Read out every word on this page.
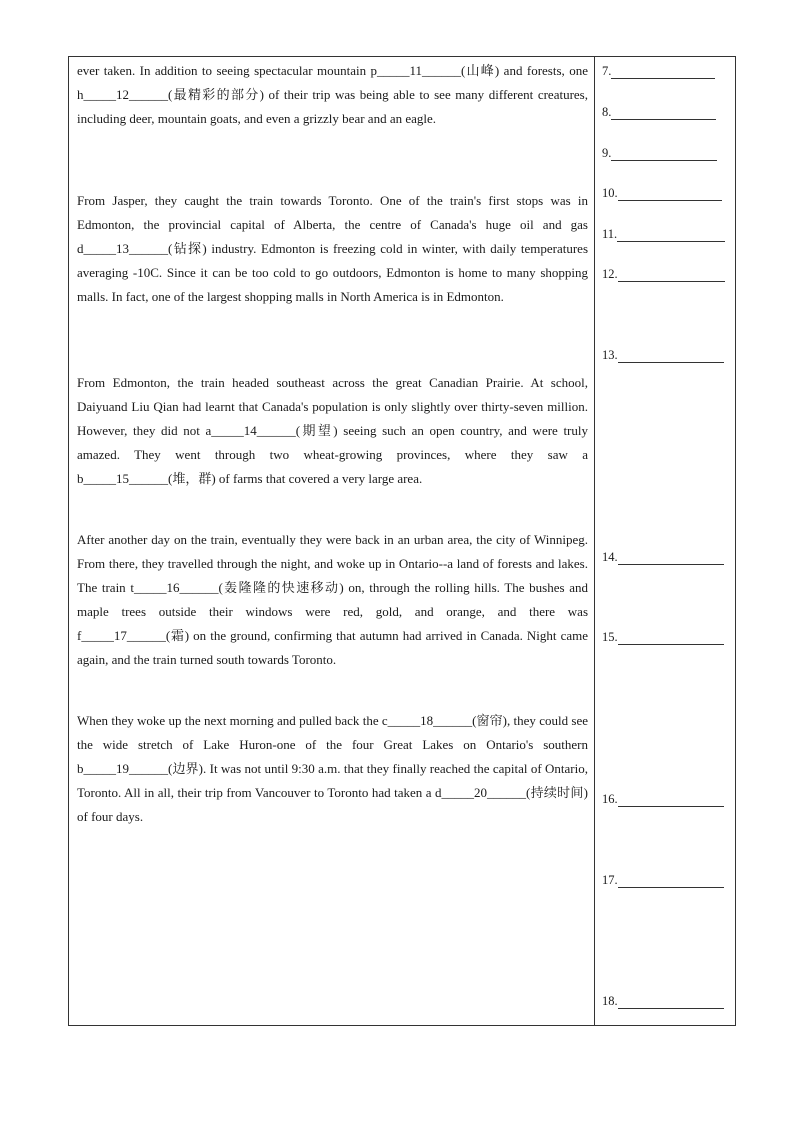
ever taken. In addition to seeing spectacular mountain p_____11______(山峰) and forests, one h_____12______(最精彩的部分) of their trip was being able to see many different creatures, including deer, mountain goats, and even a grizzly bear and an eagle.

From Jasper, they caught the train towards Toronto. One of the train's first stops was in Edmonton, the provincial capital of Alberta, the centre of Canada's huge oil and gas d_____13______(钻探) industry. Edmonton is freezing cold in winter, with daily temperatures averaging -10C. Since it can be too cold to go outdoors, Edmonton is home to many shopping malls. In fact, one of the largest shopping malls in North America is in Edmonton.

From Edmonton, the train headed southeast across the great Canadian Prairie. At school, Daiyuand Liu Qian had learnt that Canada's population is only slightly over thirty-seven million. However, they did not a_____14______(期望) seeing such an open country, and were truly amazed. They went through two wheat-growing provinces, where they saw a b_____15______(堆，群) of farms that covered a very large area.

After another day on the train, eventually they were back in an urban area, the city of Winnipeg. From there, they travelled through the night, and woke up in Ontario--a land of forests and lakes. The train t_____16______(轰隆隆的快速移动) on, through the rolling hills. The bushes and maple trees outside their windows were red, gold, and orange, and there was f_____17______(霜) on the ground, confirming that autumn had arrived in Canada. Night came again, and the train turned south towards Toronto.

When they woke up the next morning and pulled back the c_____18______(窗帘), they could see the wide stretch of Lake Huron-one of the four Great Lakes on Ontario's southern b_____19______(边界). It was not until 9:30 a.m. that they finally reached the capital of Ontario, Toronto. All in all, their trip from Vancouver to Toronto had taken a d_____20______(持续时间) of four days.

7.
8.
9.
10.
11.
12.
13.
14.
15.
16.
17.
18.
